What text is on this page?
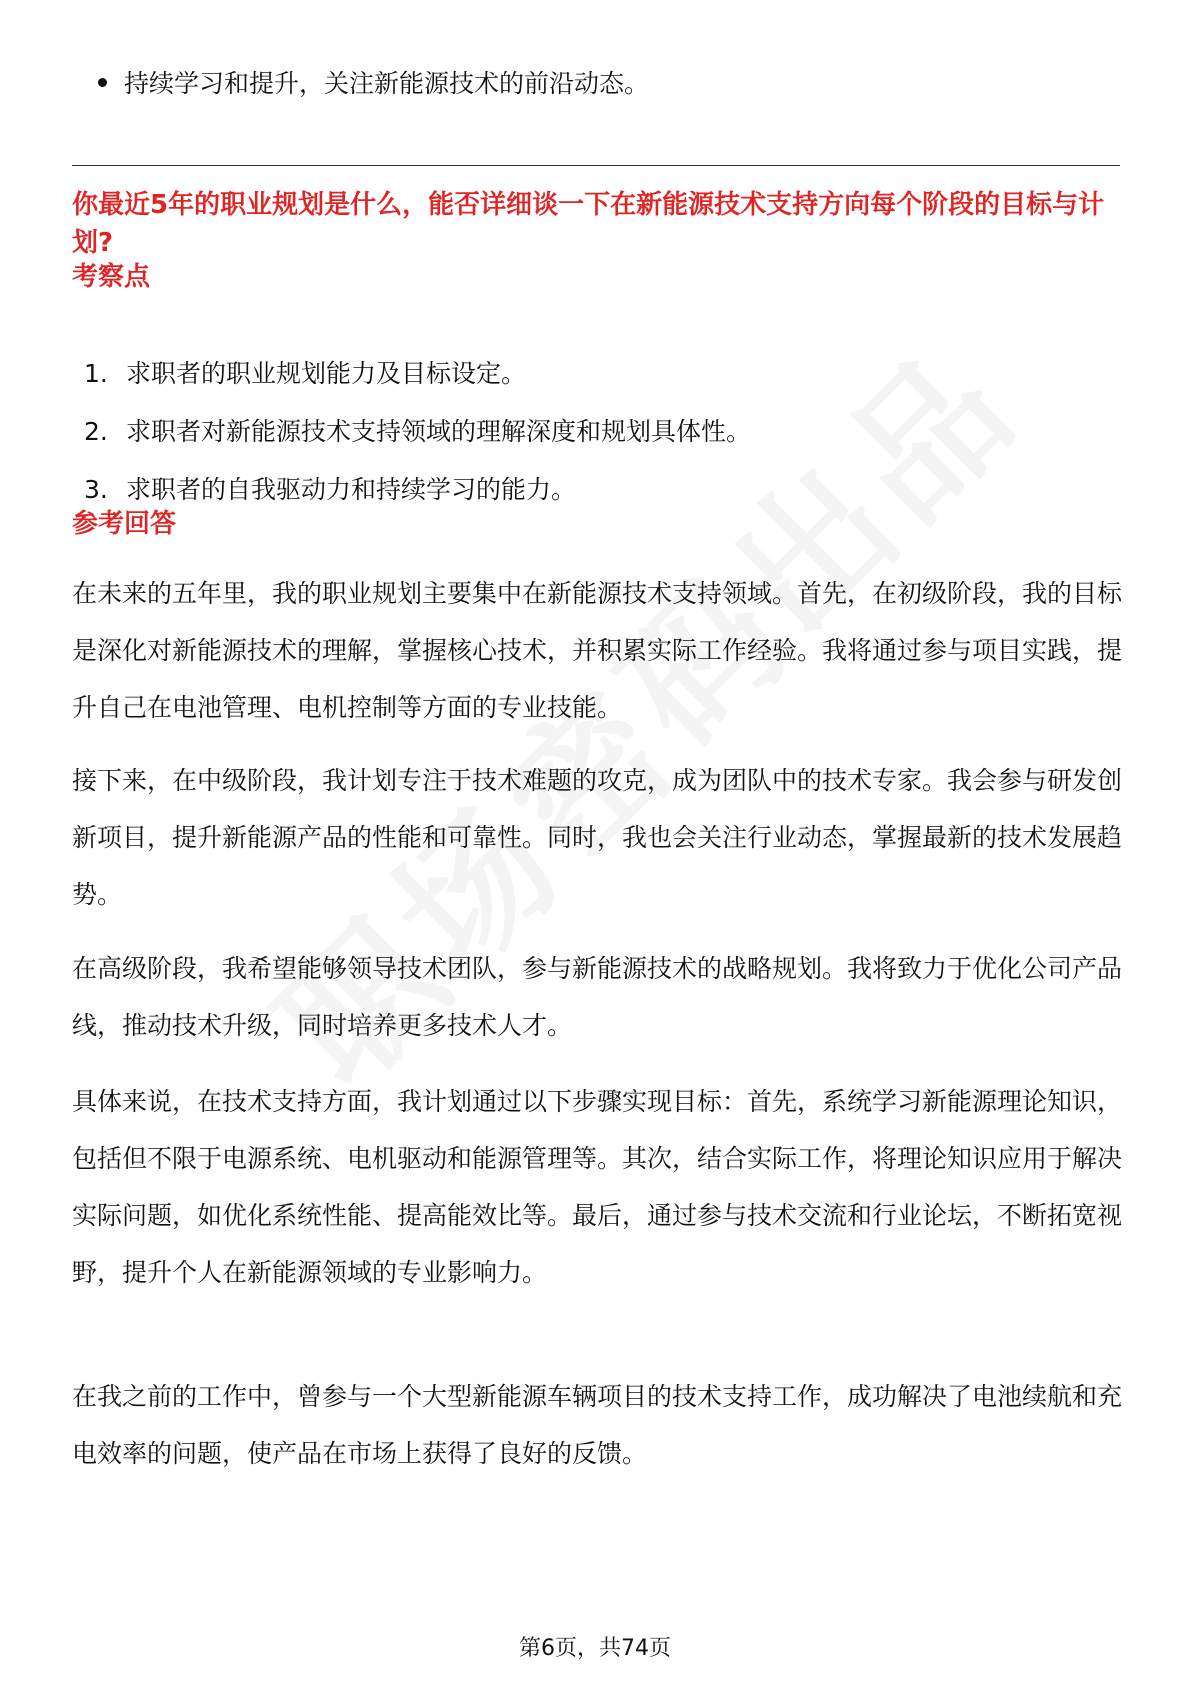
持续学习和提升，关注新能源技术的前沿动态。
你最近5年的职业规划是什么，能否详细谈一下在新能源技术支持方向每个阶段的目标与计划?
考察点
1. 求职者的职业规划能力及目标设定。
2. 求职者对新能源技术支持领域的理解深度和规划具体性。
3. 求职者的自我驱动力和持续学习的能力。
参考回答

在未来的五年里，我的职业规划主要集中在新能源技术支持领域。首先，在初级阶段，我的目标是深化对新能源技术的理解，掌握核心技术，并积累实际工作经验。我将通过参与项目实践，提升自己在电池管理、电机控制等方面的专业技能。

接下来，在中级阶段，我计划专注于技术难题的攻克，成为团队中的技术专家。我会参与研发创新项目，提升新能源产品的性能和可靠性。同时，我也会关注行业动态，掌握最新的技术发展趋势。

在高级阶段，我希望能够领导技术团队，参与新能源技术的战略规划。我将致力于优化公司产品线，推动技术升级，同时培养更多技术人才。

具体来说，在技术支持方面，我计划通过以下步骤实现目标：首先，系统学习新能源理论知识，包括但不限于电源系统、电机驱动和能源管理等。其次，结合实际工作，将理论知识应用于解决实际问题，如优化系统性能、提高能效比等。最后，通过参与技术交流和行业论坛，不断拓宽视野，提升个人在新能源领域的专业影响力。

在我之前的工作中，曾参与一个大型新能源车辆项目的技术支持工作，成功解决了电池续航和充电效率的问题，使产品在市场上获得了良好的反馈。

第6页，共74页
